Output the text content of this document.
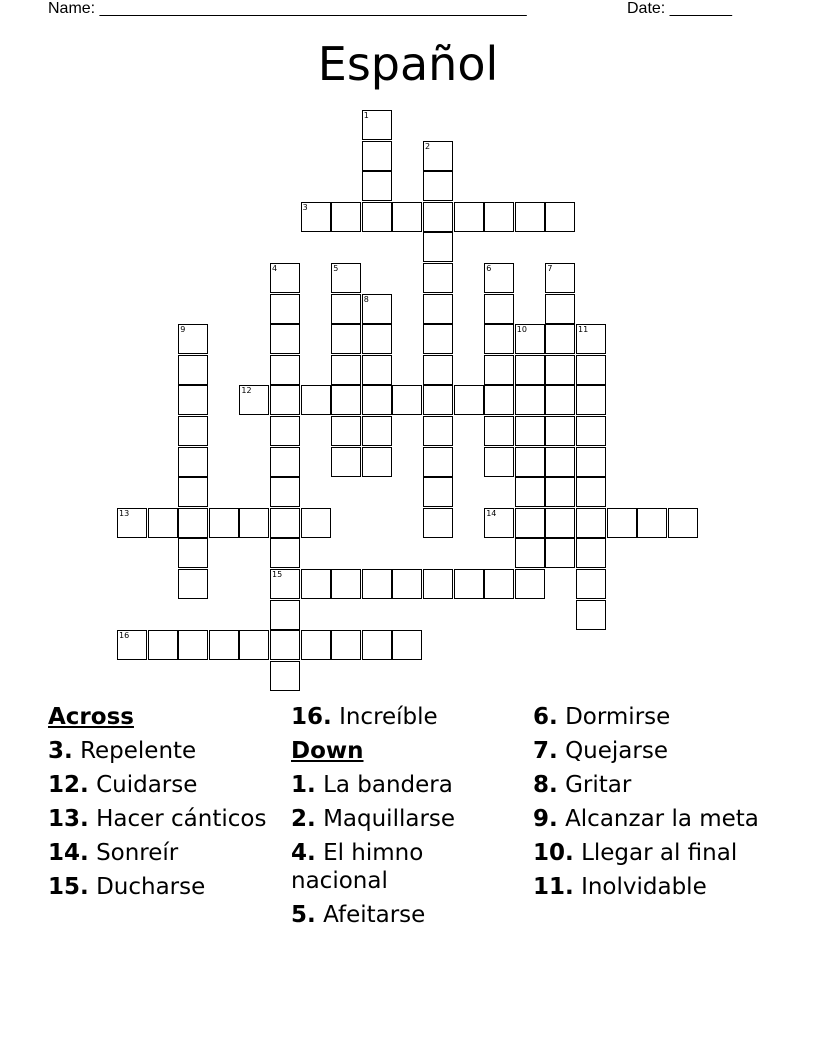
Name: ________________________________________________	Date: _______
Español
1
2
3
4
15
5	6	7
8
9	10	11
12
13	14
16
Across
3. Repelente
12. Cuidarse
13. Hacer cánticos
14. Sonreír
15. Ducharse
16. Increíble
Down
1. La bandera
2. Maquillarse
4. El himno nacional
5. Afeitarse
6. Dormirse
7. Quejarse
8. Gritar
9. Alcanzar la meta
10. Llegar al final
11. Inolvidable
